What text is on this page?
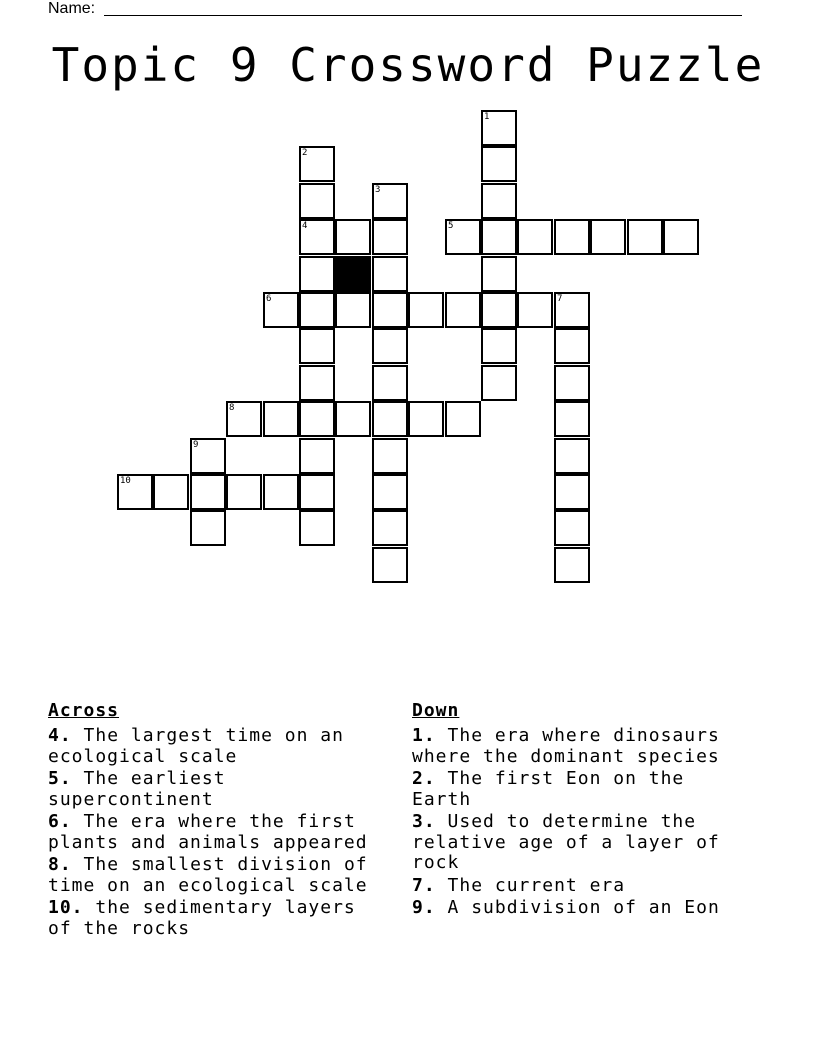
Name:
Topic 9 Crossword Puzzle
1
2
4
3
5
6	7
8
9
10
Across
4. The largest time on an ecological scale
5. The earliest supercontinent
6. The era where the first plants and animals appeared
8. The smallest division of time on an ecological scale
10. the sedimentary layers of the rocks
Down
1. The era where dinosaurs where the dominant species
2. The first Eon on the Earth
3. Used to determine the relative age of a layer of rock
7. The current era
9. A subdivision of an Eon
